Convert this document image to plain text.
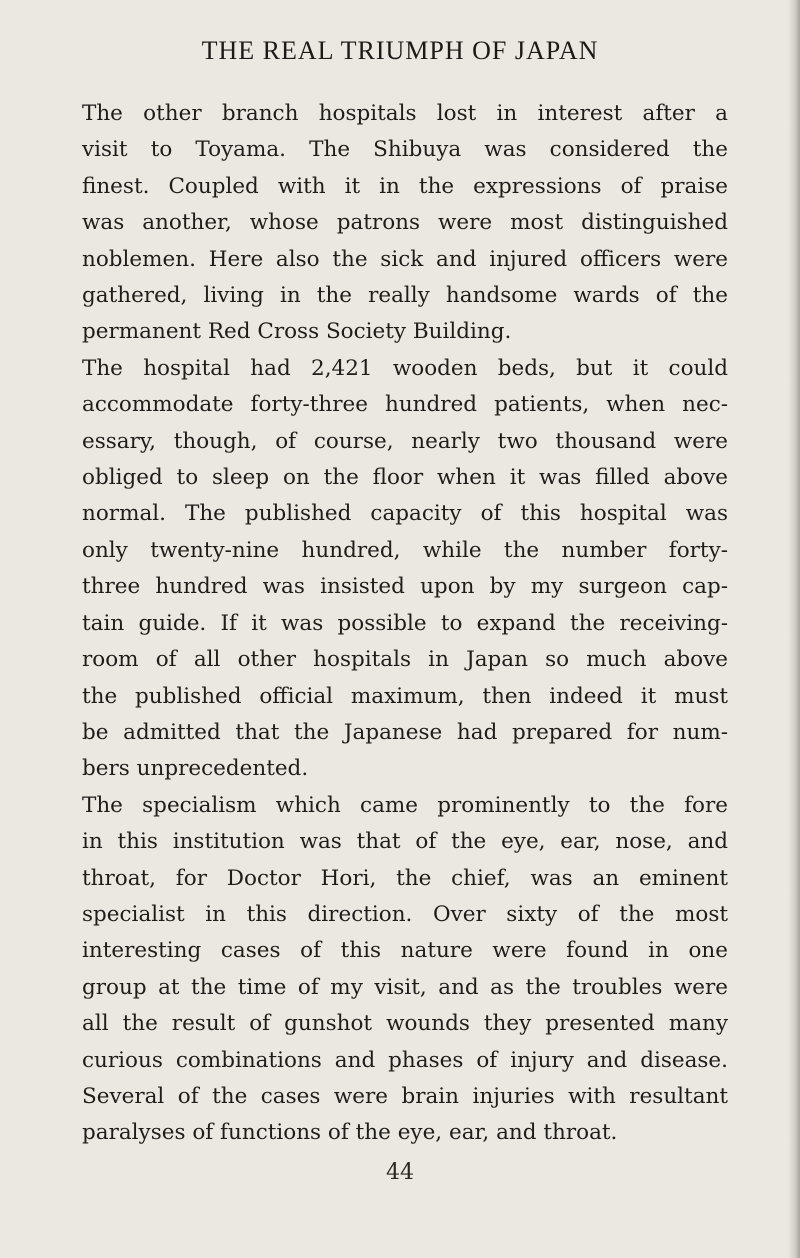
THE REAL TRIUMPH OF JAPAN

The other branch hospitals lost in interest after a
visit to Toyama. The Shibuya was considered the
finest. Coupled with it in the expressions of praise
was another, whose patrons were most distinguished
noblemen. Here also the sick and injured officers were
gathered, living in the really handsome wards of the
permanent Red Cross Society Building.

The hospital had 2,421 wooden beds, but it could
accommodate forty-three hundred patients, when nec-
essary, though, of course, nearly two thousand were
obliged to sleep on the floor when it was filled above
normal. The published capacity of this hospital was
only twenty-nine hundred, while the number forty-
three hundred was insisted upon by my surgeon cap-
tain guide. If it was possible to expand the receiving-
room of all other hospitals in Japan so much above
the published official maximum, then indeed it must
be admitted that the Japanese had prepared for num-
bers unprecedented.

The specialism which came prominently to the fore
in this institution was that of the eye, ear, nose, and
throat, for Doctor Hori, the chief, was an eminent
specialist in this direction. Over sixty of the most
interesting cases of this nature were found in one
group at the time of my visit, and as the troubles were
all the result of gunshot wounds they presented many
curious combinations and phases of injury and disease.
Several of the cases were brain injuries with resultant
paralyses of functions of the eye, ear, and throat.

44
